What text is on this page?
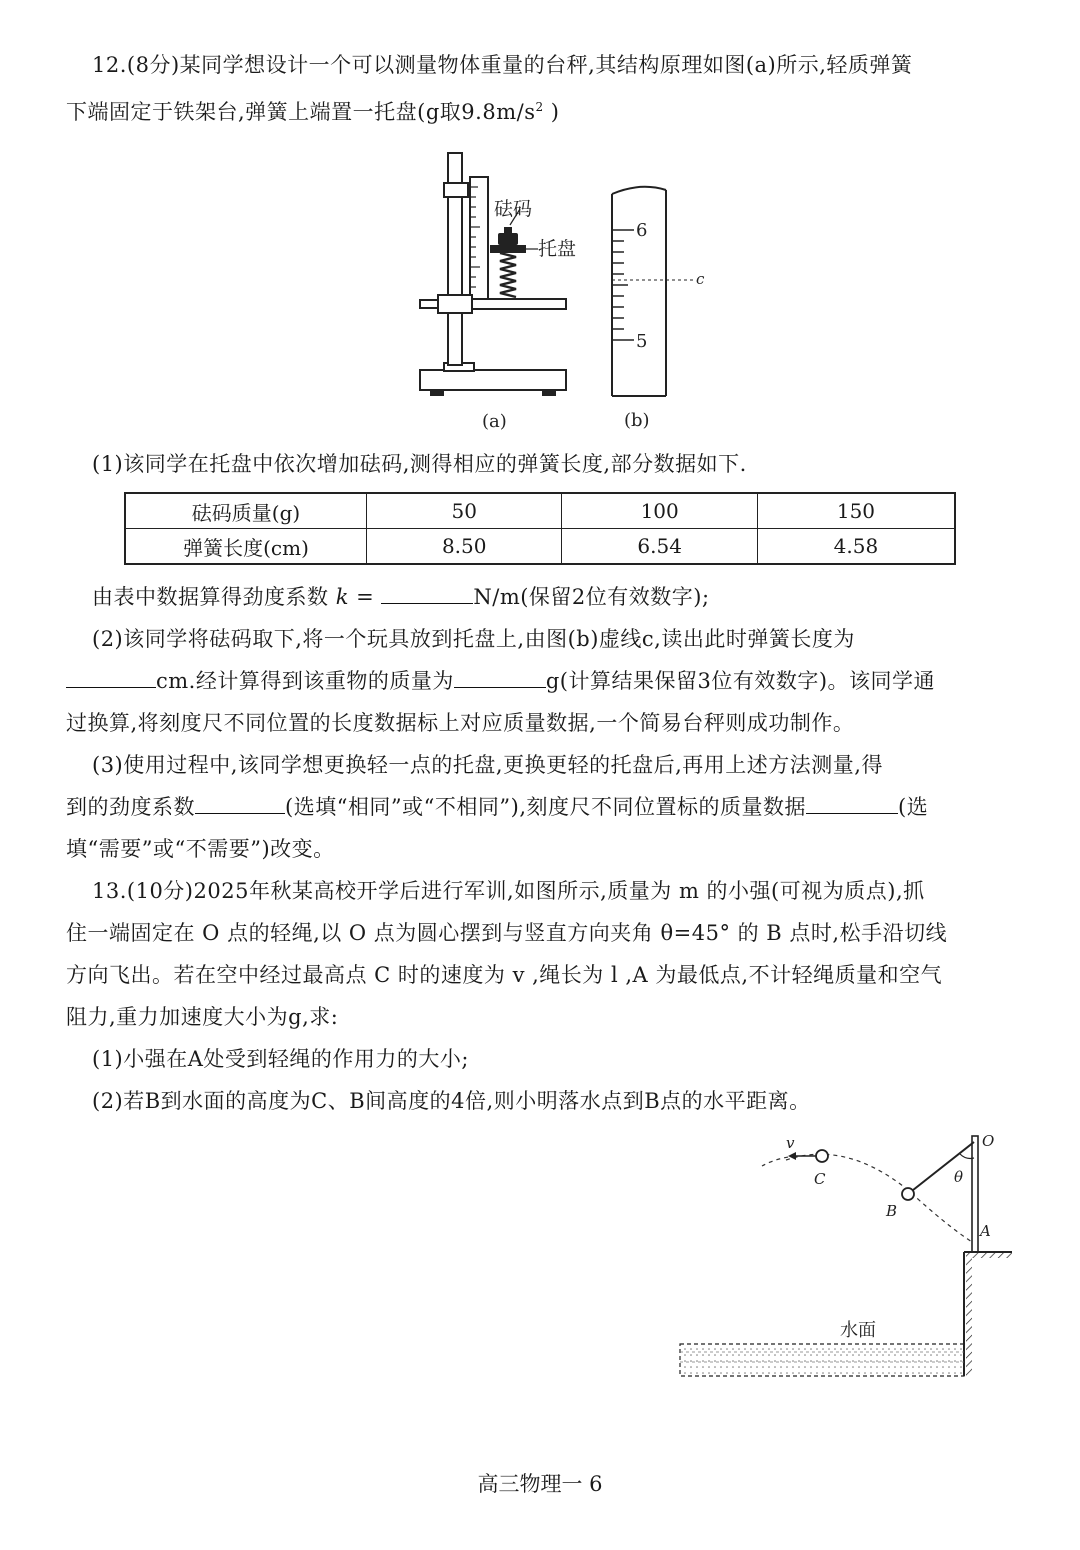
12.(8分)某同学想设计一个可以测量物体重量的台秤,其结构原理如图(a)所示,轻质弹簧
下端固定于铁架台,弹簧上端置一托盘(g取$9.8m/s^2$ )
砝码
托盘
(a)
6
5
c
(b)
(1)该同学在托盘中依次增加砝码,测得相应的弹簧长度,部分数据如下.
砝码质量(g)	50	100	150
弹簧长度(cm)	8.50	6.54	4.58
由表中数据算得劲度系数 k =	N/m(保留2位有效数字);
(2)该同学将砝码取下,将一个玩具放到托盘上,由图(b)虚线c,读出此时弹簧长度为
cm.经计算得到该重物的质量为	g(计算结果保留3位有效数字)。该同学通
过换算,将刻度尺不同位置的长度数据标上对应质量数据,一个简易台秤则成功制作。
(3)使用过程中,该同学想更换轻一点的托盘,更换更轻的托盘后,再用上述方法测量,得
到的劲度系数	(选填“相同”或“不相同”),刻度尺不同位置标的质量数据	(选
填“需要”或“不需要”)改变。
13.(10分)2025年秋某高校开学后进行军训,如图所示,质量为 m 的小强(可视为质点),抓
住一端固定在 O 点的轻绳,以 O 点为圆心摆到与竖直方向夹角 θ=45° 的 B 点时,松手沿切线
方向飞出。若在空中经过最高点 C 时的速度为 v ,绳长为 l ,A 为最低点,不计轻绳质量和空气
阻力,重力加速度大小为g,求:
(1)小强在A处受到轻绳的作用力的大小;
(2)若B到水面的高度为C、B间高度的4倍,则小明落水点到B点的水平距离。
v
C
B
O
A
θ
水面
高三物理一 6
